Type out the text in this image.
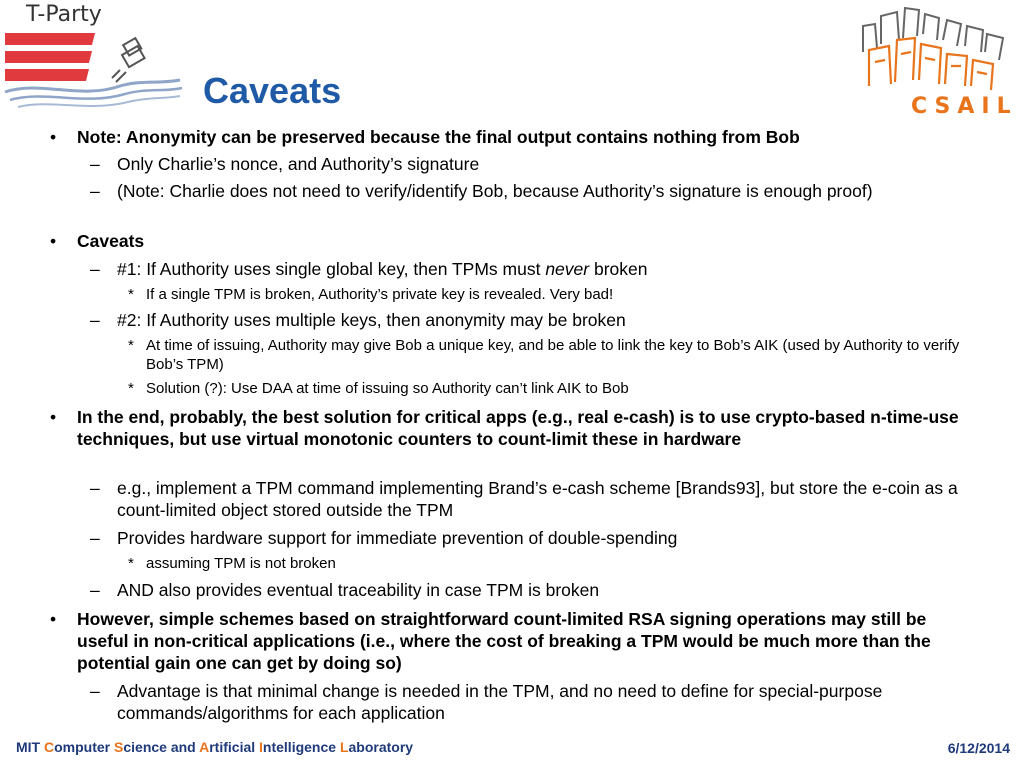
T-Party
Caveats	CSAIL
• Note: Anonymity can be preserved because the final output contains nothing from Bob
– Only Charlie’s nonce, and Authority’s signature
– (Note: Charlie does not need to verify/identify Bob, because Authority’s signature is enough proof)
• Caveats
– #1: If Authority uses single global key, then TPMs must never broken
* If a single TPM is broken, Authority’s private key is revealed. Very bad!
– #2: If Authority uses multiple keys, then anonymity may be broken
* At time of issuing, Authority may give Bob a unique key, and be able to link the key to Bob’s AIK (used by Authority to verify Bob’s TPM)
* Solution (?): Use DAA at time of issuing so Authority can’t link AIK to Bob
• In the end, probably, the best solution for critical apps (e.g., real e-cash) is to use crypto-based n-time-use techniques, but use virtual monotonic counters to count-limit these in hardware
– e.g., implement a TPM command implementing Brand’s e-cash scheme [Brands93], but store the e-coin as a count-limited object stored outside the TPM
– Provides hardware support for immediate prevention of double-spending
* assuming TPM is not broken
– AND also provides eventual traceability in case TPM is broken
• However, simple schemes based on straightforward count-limited RSA signing operations may still be useful in non-critical applications (i.e., where the cost of breaking a TPM would be much more than the potential gain one can get by doing so)
– Advantage is that minimal change is needed in the TPM, and no need to define for special-purpose commands/algorithms for each application
MIT Computer Science and Artificial Intelligence Laboratory	6/12/2014
